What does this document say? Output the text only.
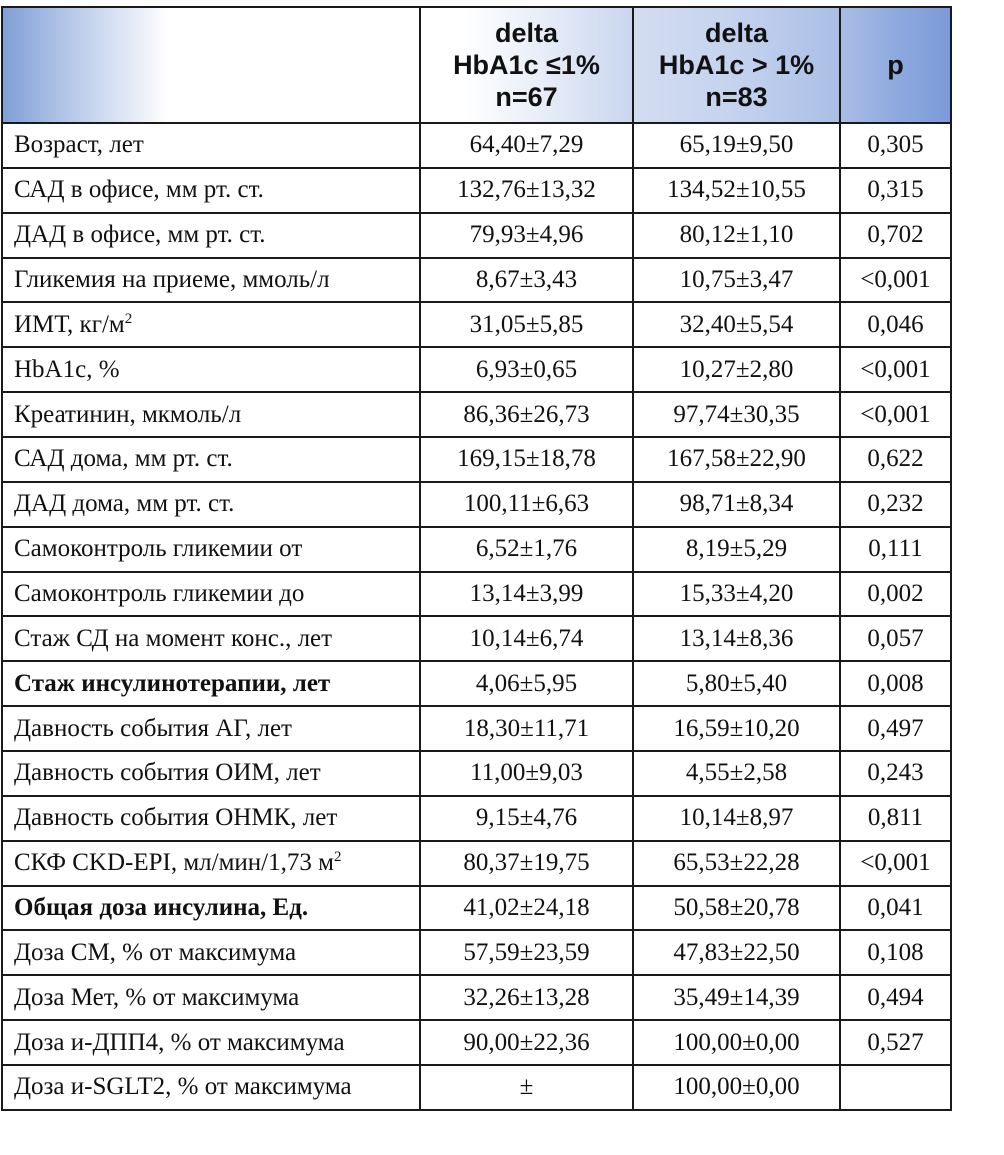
	delta
HbA1c ≤1%
n=67	delta
HbA1c > 1%
n=83	p
Возраст, лет	64,40±7,29	65,19±9,50	0,305
САД в офисе, мм рт. ст.	132,76±13,32	134,52±10,55	0,315
ДАД в офисе, мм рт. ст.	79,93±4,96	80,12±1,10	0,702
Гликемия на приеме, ммоль/л	8,67±3,43	10,75±3,47	<0,001
ИМТ, $кг/м^2$	31,05±5,85	32,40±5,54	0,046
HbA1c, %	6,93±0,65	10,27±2,80	<0,001
Креатинин, мкмоль/л	86,36±26,73	97,74±30,35	<0,001
САД дома, мм рт. ст.	169,15±18,78	167,58±22,90	0,622
ДАД дома, мм рт. ст.	100,11±6,63	98,71±8,34	0,232
Самоконтроль гликемии от	6,52±1,76	8,19±5,29	0,111
Самоконтроль гликемии до	13,14±3,99	15,33±4,20	0,002
Стаж СД на момент конс., лет	10,14±6,74	13,14±8,36	0,057
Стаж инсулинотерапии, лет	4,06±5,95	5,80±5,40	0,008
Давность события АГ, лет	18,30±11,71	16,59±10,20	0,497
Давность события ОИМ, лет	11,00±9,03	4,55±2,58	0,243
Давность события ОНМК, лет	9,15±4,76	10,14±8,97	0,811
СКФ CKD-EPI, мл/мин/1,73 $м^2$	80,37±19,75	65,53±22,28	<0,001
Общая доза инсулина, Ед.	41,02±24,18	50,58±20,78	0,041
Доза СМ, % от максимума	57,59±23,59	47,83±22,50	0,108
Доза Мет, % от максимума	32,26±13,28	35,49±14,39	0,494
Доза и-ДПП4, % от максимума	90,00±22,36	100,00±0,00	0,527
Доза и-SGLT2, % от максимума	±	100,00±0,00	
